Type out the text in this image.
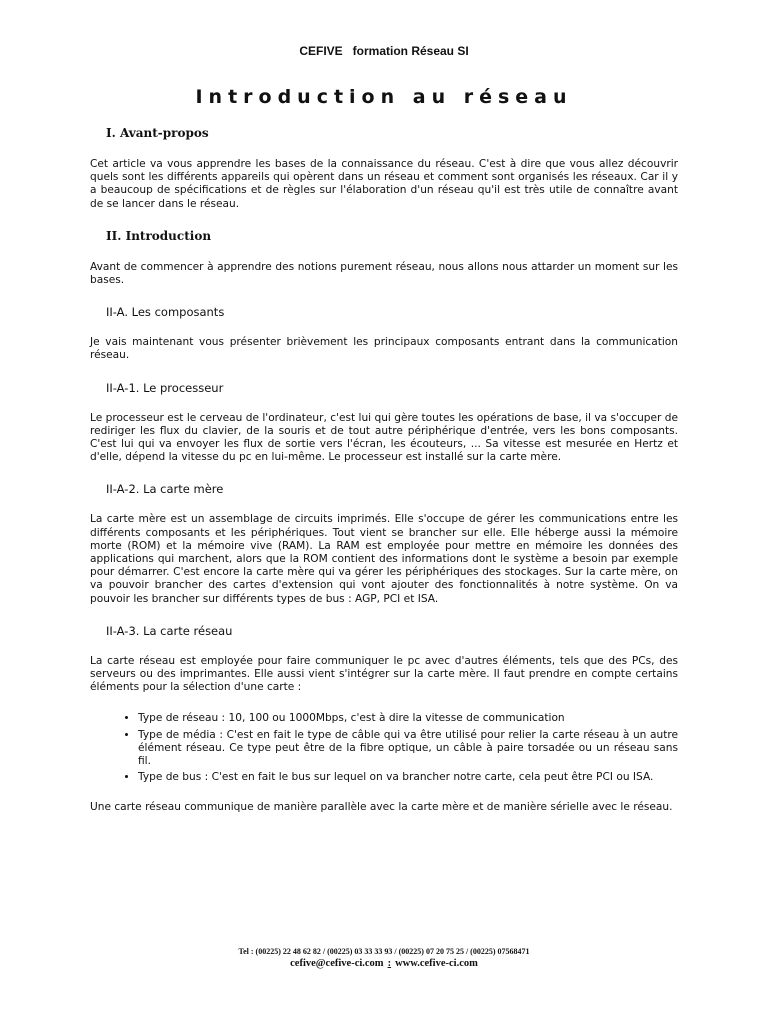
CEFIVE   formation Réseau SI
Introduction au réseau
I. Avant-propos

Cet article va vous apprendre les bases de la connaissance du réseau. C'est à dire que vous allez découvrir quels sont les différents appareils qui opèrent dans un réseau et comment sont organisés les réseaux. Car il y a beaucoup de spécifications et de règles sur l'élaboration d'un réseau qu'il est très utile de connaître avant de se lancer dans le réseau.

II. Introduction

Avant de commencer à apprendre des notions purement réseau, nous allons nous attarder un moment sur les bases.

II-A. Les composants

Je vais maintenant vous présenter brièvement les principaux composants entrant dans la communication réseau.

II-A-1. Le processeur

Le processeur est le cerveau de l'ordinateur, c'est lui qui gère toutes les opérations de base, il va s'occuper de rediriger les flux du clavier, de la souris et de tout autre périphérique d'entrée, vers les bons composants. C'est lui qui va envoyer les flux de sortie vers l'écran, les écouteurs, ... Sa vitesse est mesurée en Hertz et d'elle, dépend la vitesse du pc en lui-même. Le processeur est installé sur la carte mère.

II-A-2. La carte mère

La carte mère est un assemblage de circuits imprimés. Elle s'occupe de gérer les communications entre les différents composants et les périphériques. Tout vient se brancher sur elle. Elle héberge aussi la mémoire morte (ROM) et la mémoire vive (RAM). La RAM est employée pour mettre en mémoire les données des applications qui marchent, alors que la ROM contient des informations dont le système a besoin par exemple pour démarrer. C'est encore la carte mère qui va gérer les périphériques des stockages. Sur la carte mère, on va pouvoir brancher des cartes d'extension qui vont ajouter des fonctionnalités à notre système. On va pouvoir les brancher sur différents types de bus : AGP, PCI et ISA.

II-A-3. La carte réseau

La carte réseau est employée pour faire communiquer le pc avec d'autres éléments, tels que des PCs, des serveurs ou des imprimantes. Elle aussi vient s'intégrer sur la carte mère. Il faut prendre en compte certains éléments pour la sélection d'une carte :

• Type de réseau : 10, 100 ou 1000Mbps, c'est à dire la vitesse de communication
• Type de média : C'est en fait le type de câble qui va être utilisé pour relier la carte réseau à un autre élément réseau. Ce type peut être de la fibre optique, un câble à paire torsadée ou un réseau sans fil.
• Type de bus : C'est en fait le bus sur lequel on va brancher notre carte, cela peut être PCI ou ISA.

Une carte réseau communique de manière parallèle avec la carte mère et de manière sérielle avec le réseau.

Tel : (00225) 22 48 62 82 / (00225) 03 33 33 93 / (00225) 07 20 75 25 / (00225) 07568471
cefive@cefive-ci.com : www.cefive-ci.com
